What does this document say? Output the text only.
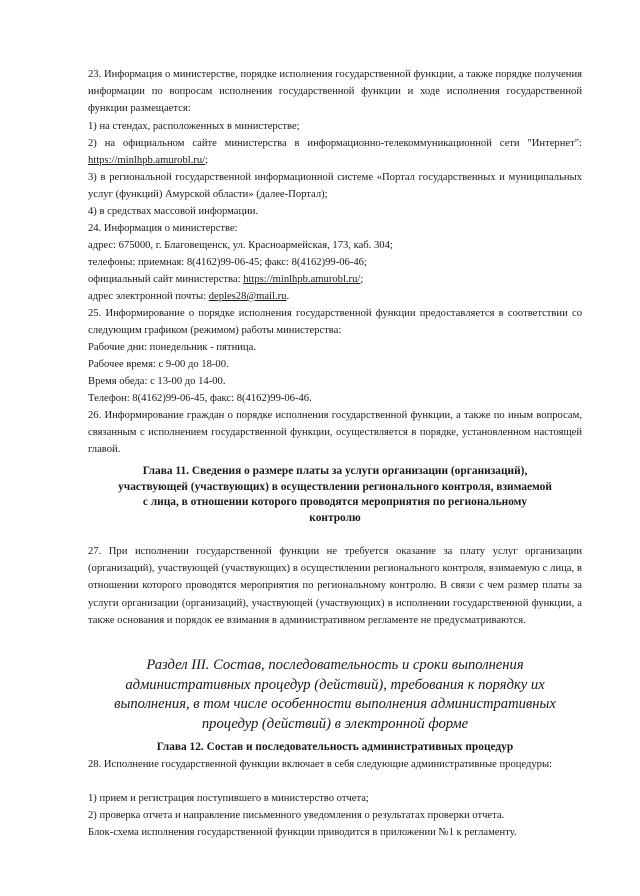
23. Информация о министерстве, порядке исполнения государственной функции, а также порядке получения информации по вопросам исполнения государственной функции и ходе исполнения государственной функции размещается:

1) на стендах, расположенных в министерстве;

2) на официальном сайте министерства в информационно-телекоммуникационной сети "Интернет": https://minlhpb.amurobl.ru/;

3) в региональной государственной информационной системе «Портал государственных и муниципальных услуг (функций) Амурской области» (далее-Портал);

4) в средствах массовой информации.

24. Информация о министерстве:

адрес: 675000, г. Благовещенск, ул. Красноармейская, 173, каб. 304;

телефоны: приемная: 8(4162)99-06-45; факс: 8(4162)99-06-46;

официальный сайт министерства: https://minlhpb.amurobl.ru/;

адрес электронной почты: deples28@mail.ru.

25. Информирование о порядке исполнения государственной функции предоставляется в соответствии со следующим графиком (режимом) работы министерства:

Рабочие дни: понедельник - пятница.

Рабочее время: с 9-00 до 18-00.

Время обеда: с 13-00 до 14-00.

Телефон: 8(4162)99-06-45, факс: 8(4162)99-06-46.

26. Информирование граждан о порядке исполнения государственной функции, а также по иным вопросам, связанным с исполнением государственной функции, осуществляется в порядке, установленном настоящей главой.

Глава 11. Сведения о размере платы за услуги организации (организаций),

участвующей (участвующих) в осуществлении регионального контроля, взимаемой

с лица, в отношении которого проводятся мероприятия по региональному

контролю

27. При исполнении государственной функции не требуется оказание за плату услуг организации (организаций), участвующей (участвующих) в осуществлении регионального контроля, взимаемую с лица, в отношении которого проводятся мероприятия по региональному контролю. В связи с чем размер платы за услуги организации (организаций), участвующей (участвующих) в исполнении государственной функции, а также основания и порядок ее взимания в административном регламенте не предусматриваются.

Раздел III. Состав, последовательность и сроки выполнения

административных процедур (действий), требования к порядку их

выполнения, в том числе особенности выполнения административных

процедур (действий) в электронной форме

Глава 12. Состав и последовательность административных процедур

28. Исполнение государственной функции включает в себя следующие административные процедуры:

1) прием и регистрация поступившего в министерство отчета;

2) проверка отчета и направление письменного уведомления о результатах проверки отчета.

Блок-схема исполнения государственной функции приводится в приложении №1 к регламенту.
